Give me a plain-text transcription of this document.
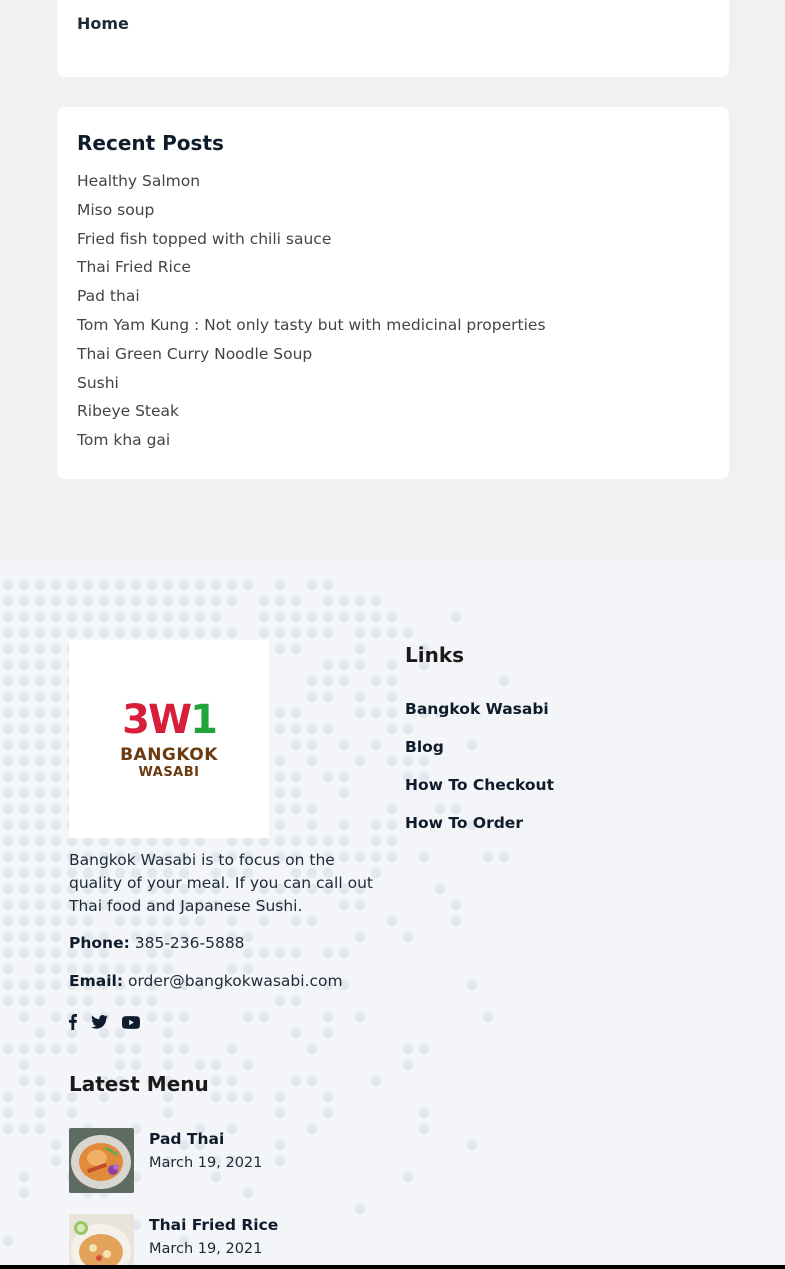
Home
Recent Posts
Healthy Salmon
Miso soup
Fried fish topped with chili sauce
Thai Fried Rice
Pad thai
Tom Yam Kung : Not only tasty but with medicinal properties
Thai Green Curry Noodle Soup
Sushi
Ribeye Steak
Tom kha gai
3W1
BANGKOK
WASABI

Bangkok Wasabi is to focus on the quality of your meal. If you can call out Thai food and Japanese Sushi.

Phone: 385-236-5888
Email: order@bangkokwasabi.com
Links
Bangkok Wasabi
Blog
How To Checkout
How To Order
Latest Menu
Pad Thai
March 19, 2021
Thai Fried Rice
March 19, 2021
